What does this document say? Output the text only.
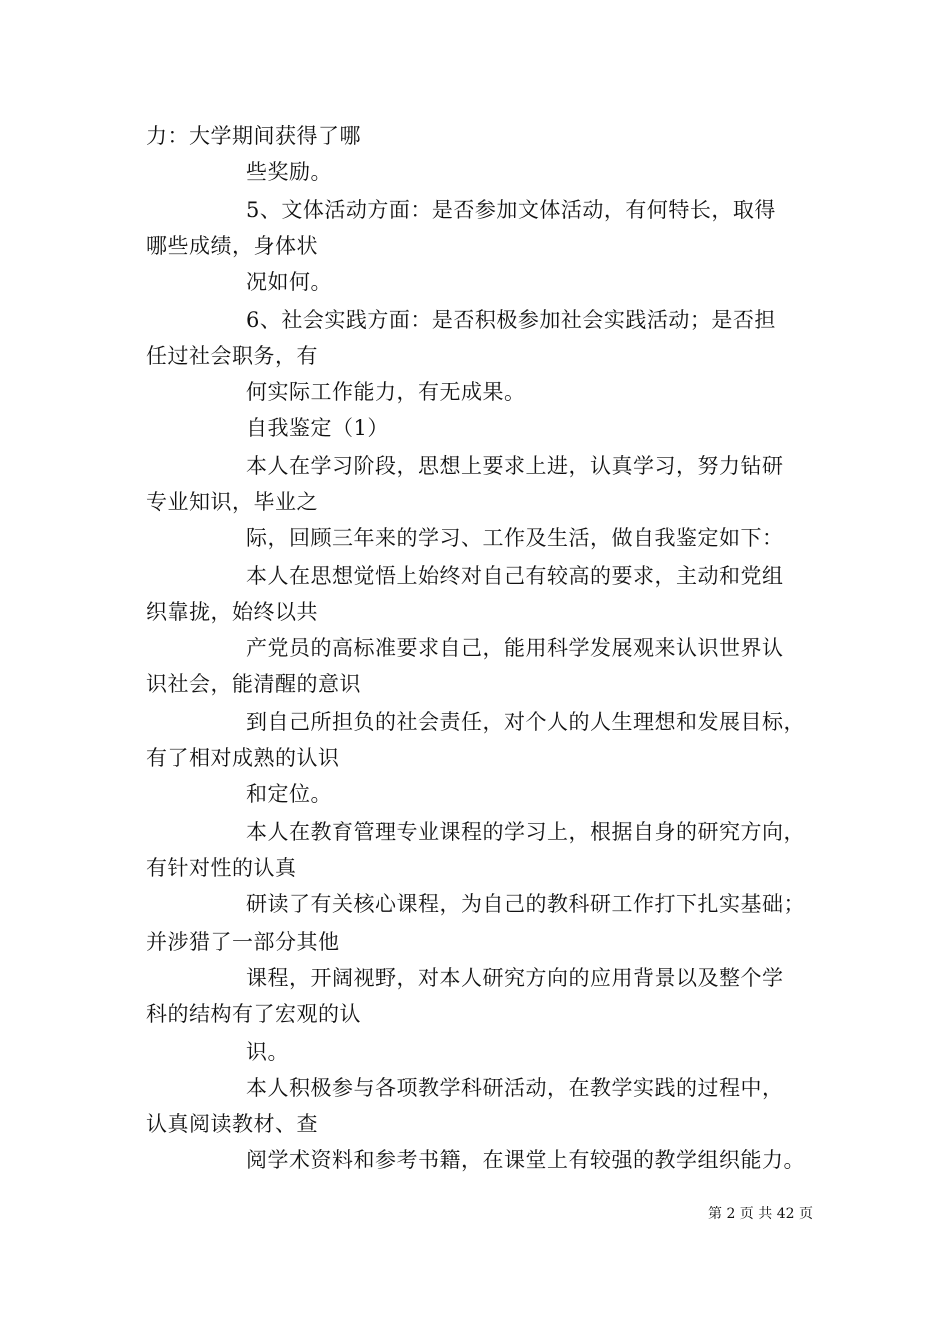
力：大学期间获得了哪
些奖励。
5、文体活动方面：是否参加文体活动，有何特长，取得
哪些成绩，身体状
况如何。
6、社会实践方面：是否积极参加社会实践活动；是否担
任过社会职务，有
何实际工作能力，有无成果。
自我鉴定（1）
本人在学习阶段，思想上要求上进，认真学习，努力钻研
专业知识，毕业之
际，回顾三年来的学习、工作及生活，做自我鉴定如下：
本人在思想觉悟上始终对自己有较高的要求，主动和党组
织靠拢，始终以共
产党员的高标准要求自己，能用科学发展观来认识世界认
识社会，能清醒的意识
到自己所担负的社会责任，对个人的人生理想和发展目标，
有了相对成熟的认识
和定位。
本人在教育管理专业课程的学习上，根据自身的研究方向，
有针对性的认真
研读了有关核心课程，为自己的教科研工作打下扎实基础；
并涉猎了一部分其他
课程，开阔视野，对本人研究方向的应用背景以及整个学
科的结构有了宏观的认
识。
本人积极参与各项教学科研活动，在教学实践的过程中，
认真阅读教材、查
阅学术资料和参考书籍，在课堂上有较强的教学组织能力。
第 2 页 共 42 页
